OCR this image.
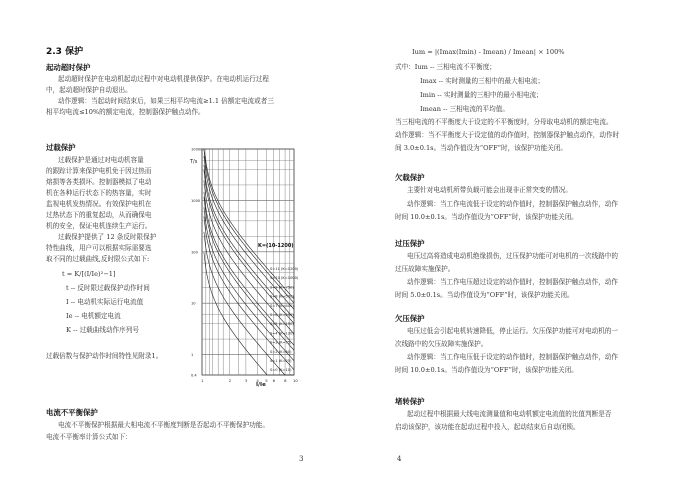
2.3 保护
起动超时保护
起动超时保护在电动机起动过程中对电动机提供保护。在电动机运行过程
中，起动超时保护自动退出。
动作逻辑：当起动时间结束后，如果三相平均电流≥1.1 倍额定电流或者三
相平均电流≤10%的额定电流，控制器保护触点动作。
过载保护
过载保护是通过对电动机容量
的跟踪计算来保护电机免于因过热而
熔损等各类损坏。控制器模拟了电动
机在各种运行状态下的热容量，实时
监视电机发热情况。有效保护电机在
过热状态下的重复起动，从而确保电
机的安全，保证电机连续生产运行。
过载保护提供了 12 条反时限保护
特性曲线，用户可以根据实际需要选
取不同的过载曲线,反时限公式如下:
t = K/[(I/Ie)²−1]
t -- 反时限过载保护动作时间
I -- 电动机实际运行电流值
Ie -- 电机额定电流
K -- 过载曲线动作序列号
过载倍数与保护动作时间特性见附录1。
S=11 (K=1200)
S=10 (K=1000)
S=9 (K=750)
S=8 (K=500)
S=7 (K=400)
S=6 (K=250)
S=5 (K=150)
S=4 (K=120)
S=3 (K=75)
S=2 (K=50)
S=1 (K=25)
S=0 (K=10)
10000
1000
100
10
1
0.4
1	2	3 4 5 6 8 10
T/s
I/Ie
K=(10-1200)
电流不平衡保护
电流不平衡保护根据最大相电流不平衡度判断是否起动不平衡保护功能。
电流不平衡率计算公式如下：
3
Ium = |(Imax(Imin) - Imean) / Imean| × 100%
式中：Ium -- 三相电流不平衡度；
Imax -- 实时测量的三相中的最大相电流；
Imin -- 实时测量的三相中的最小相电流；
Imean -- 三相电流的平均值。
当三相电流的不平衡度大于设定的不平衡度时，分母取电动机的额定电流。
动作逻辑：当不平衡度大于设定值的动作值时，控制器保护触点动作，动作时
间 3.0±0.1s。当动作值设为“OFF”时，该保护功能关闭。
欠载保护
主要针对电动机所带负载可能会出现非正常突变的情况。
动作逻辑：当工作电流低于设定的动作值时，控制器保护触点动作，动作
时间 10.0±0.1s。当动作值设为“OFF”时，该保护功能关闭。
过压保护
电压过高将造成电动机绝缘损伤，过压保护功能可对电机的一次线路中的
过压故障实施保护。
动作逻辑：当工作电压超过设定的动作值时，控制器保护触点动作，动作
时间 5.0±0.1s。当动作值设为“OFF”时，该保护功能关闭。
欠压保护
电压过低会引起电机转速降低，停止运行。欠压保护功能可对电动机的一
次线路中的欠压故障实施保护。
动作逻辑：当工作电压低于设定的动作值时，控制器保护触点动作，动作
时间 10.0±0.1s。当动作值设为“OFF”时，该保护功能关闭。
堵转保护
起动过程中根据最大线电流测量值和电动机额定电流值的比值判断是否
启动该保护，该功能在起动过程中投入，起动结束后自动闭锁。
4
